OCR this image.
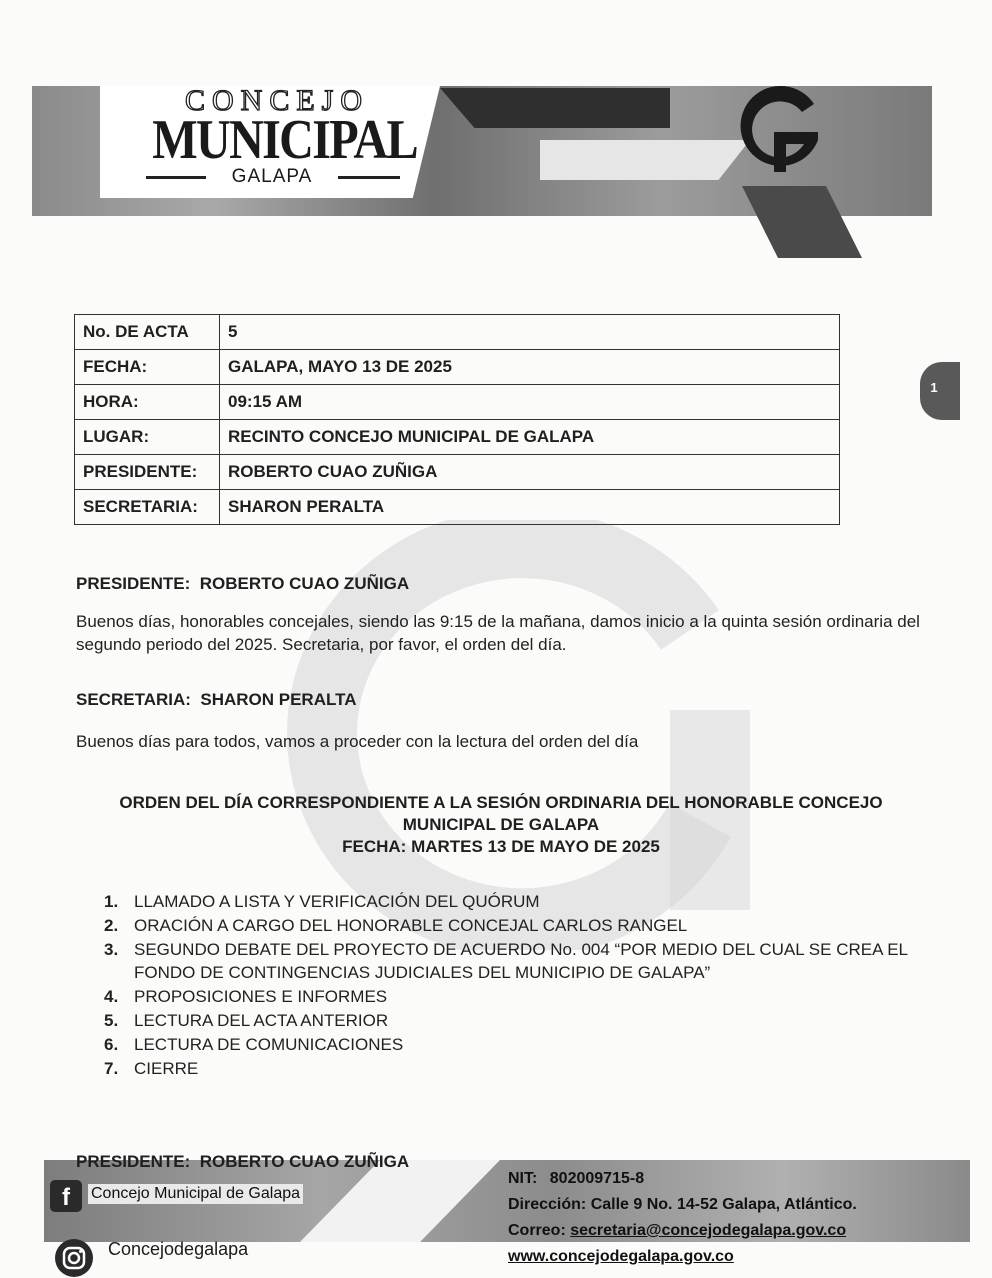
CONCEJO
MUNICIPAL
GALAPA
1
No. DE ACTA	5
FECHA:	GALAPA, MAYO 13 DE 2025
HORA:	09:15 AM
LUGAR:	RECINTO CONCEJO MUNICIPAL DE GALAPA
PRESIDENTE:	ROBERTO CUAO ZUÑIGA
SECRETARIA:	SHARON PERALTA
PRESIDENTE:  ROBERTO CUAO ZUÑIGA
Buenos días, honorables concejales, siendo las 9:15 de la mañana, damos inicio a la quinta sesión ordinaria del segundo periodo del 2025. Secretaria, por favor, el orden del día.
SECRETARIA:  SHARON PERALTA
Buenos días para todos, vamos a proceder con la lectura del orden del día
ORDEN DEL DÍA CORRESPONDIENTE A LA SESIÓN ORDINARIA DEL HONORABLE CONCEJO
MUNICIPAL DE GALAPA
FECHA: MARTES 13 DE MAYO DE 2025
1. LLAMADO A LISTA Y VERIFICACIÓN DEL QUÓRUM
2. ORACIÓN A CARGO DEL HONORABLE CONCEJAL CARLOS RANGEL
3. SEGUNDO DEBATE DEL PROYECTO DE ACUERDO No. 004 “POR MEDIO DEL CUAL SE CREA EL FONDO DE CONTINGENCIAS JUDICIALES DEL MUNICIPIO DE GALAPA”
4. PROPOSICIONES E INFORMES
5. LECTURA DEL ACTA ANTERIOR
6. LECTURA DE COMUNICACIONES
7. CIERRE
PRESIDENTE:  ROBERTO CUAO ZUÑIGA
f	Concejo Municipal de Galapa
Concejodegalapa
NIT: 802009715-8
Dirección: Calle 9 No. 14-52 Galapa, Atlántico.
Correo: secretaria@concejodegalapa.gov.co
www.concejodegalapa.gov.co
